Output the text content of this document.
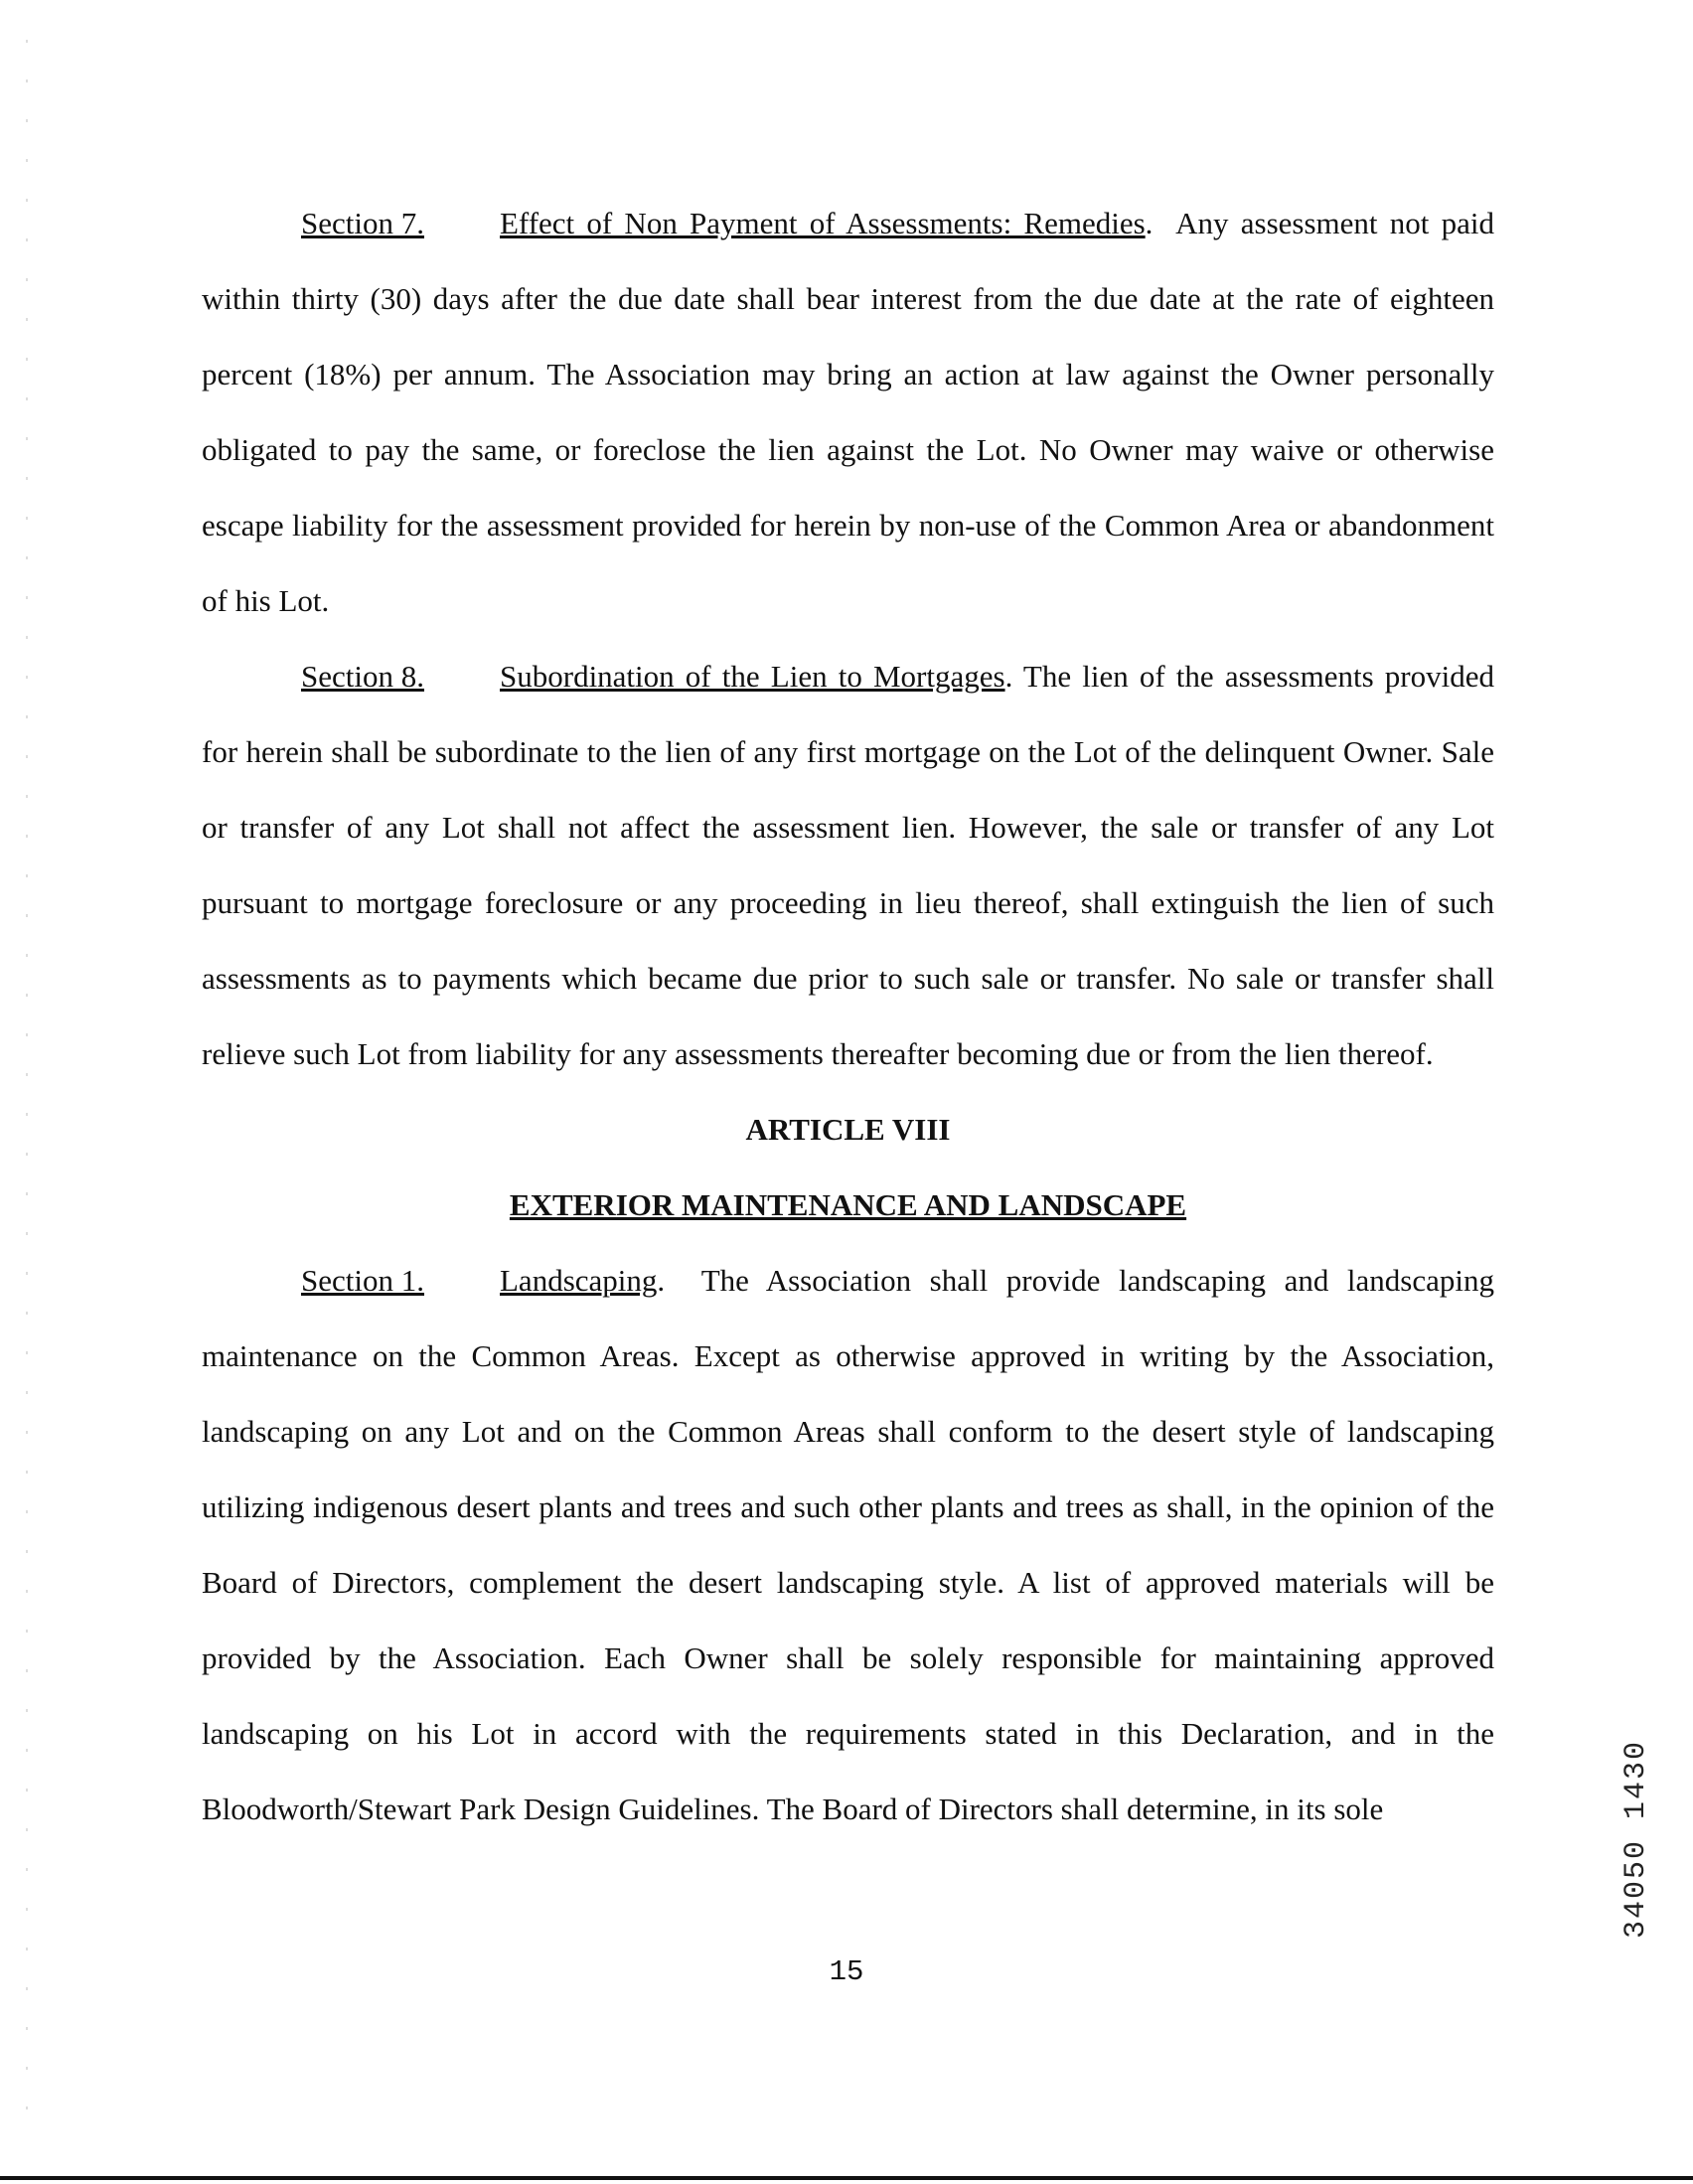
Section 7. Effect of Non Payment of Assessments: Remedies.  Any assessment not paid within thirty (30) days after the due date shall bear interest from the due date at the rate of eighteen percent (18%) per annum. The Association may bring an action at law against the Owner personally obligated to pay the same, or foreclose the lien against the Lot. No Owner may waive or otherwise escape liability for the assessment provided for herein by non-use of the Common Area or abandonment of his Lot.

Section 8. Subordination of the Lien to Mortgages. The lien of the assessments provided for herein shall be subordinate to the lien of any first mortgage on the Lot of the delinquent Owner. Sale or transfer of any Lot shall not affect the assessment lien. However, the sale or transfer of any Lot pursuant to mortgage foreclosure or any proceeding in lieu thereof, shall extinguish the lien of such assessments as to payments which became due prior to such sale or transfer. No sale or transfer shall relieve such Lot from liability for any assessments thereafter becoming due or from the lien thereof.

ARTICLE VIII

EXTERIOR MAINTENANCE AND LANDSCAPE

Section 1. Landscaping.  The Association shall provide landscaping and landscaping maintenance on the Common Areas. Except as otherwise approved in writing by the Association, landscaping on any Lot and on the Common Areas shall conform to the desert style of landscaping utilizing indigenous desert plants and trees and such other plants and trees as shall, in the opinion of the Board of Directors, complement the desert landscaping style. A list of approved materials will be provided by the Association. Each Owner shall be solely responsible for maintaining approved landscaping on his Lot in accord with the requirements stated in this Declaration, and in the Bloodworth/Stewart Park Design Guidelines. The Board of Directors shall determine, in its sole

15
34050 1430
